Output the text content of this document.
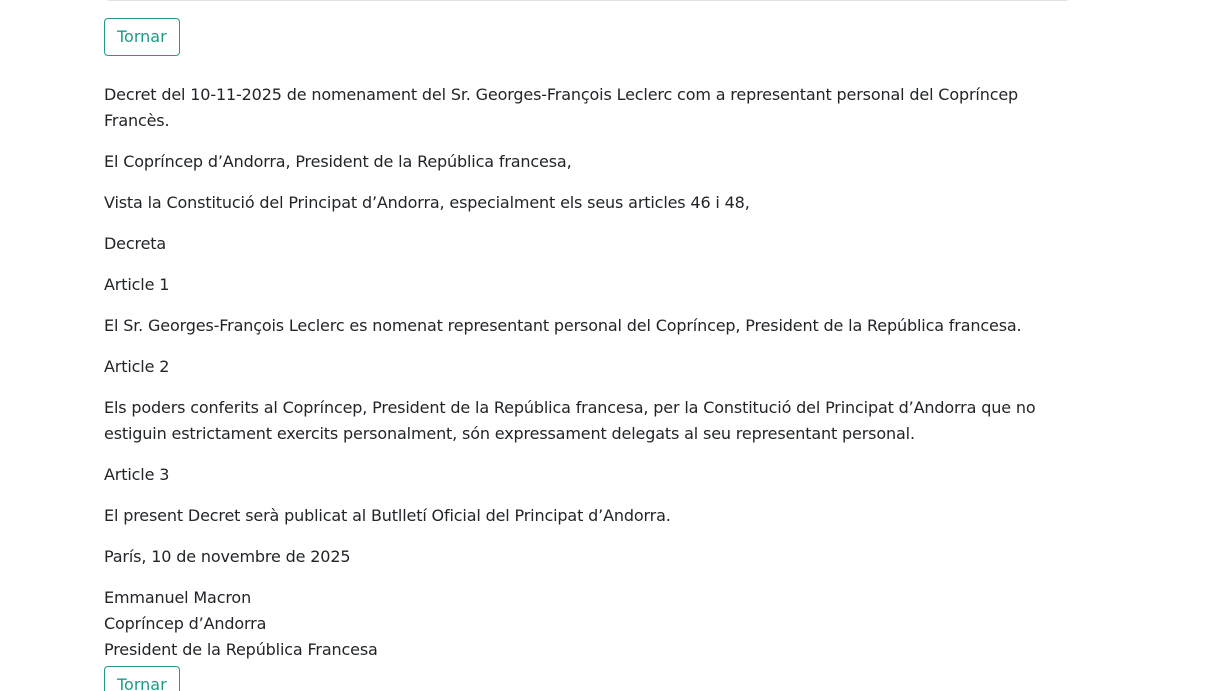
Tornar

Decret del 10-11-2025 de nomenament del Sr. Georges-François Leclerc com a representant personal del Copríncep Francès.

El Copríncep d’Andorra, President de la República francesa,

Vista la Constitució del Principat d’Andorra, especialment els seus articles 46 i 48,

Decreta

Article 1

El Sr. Georges-François Leclerc es nomenat representant personal del Copríncep, President de la República francesa.

Article 2

Els poders conferits al Copríncep, President de la República francesa, per la Constitució del Principat d’Andorra que no estiguin estrictament exercits personalment, són expressament delegats al seu representant personal.

Article 3

El present Decret serà publicat al Butlletí Oficial del Principat d’Andorra.

París, 10 de novembre de 2025

Emmanuel Macron
Copríncep d’Andorra
President de la República Francesa

Tornar
